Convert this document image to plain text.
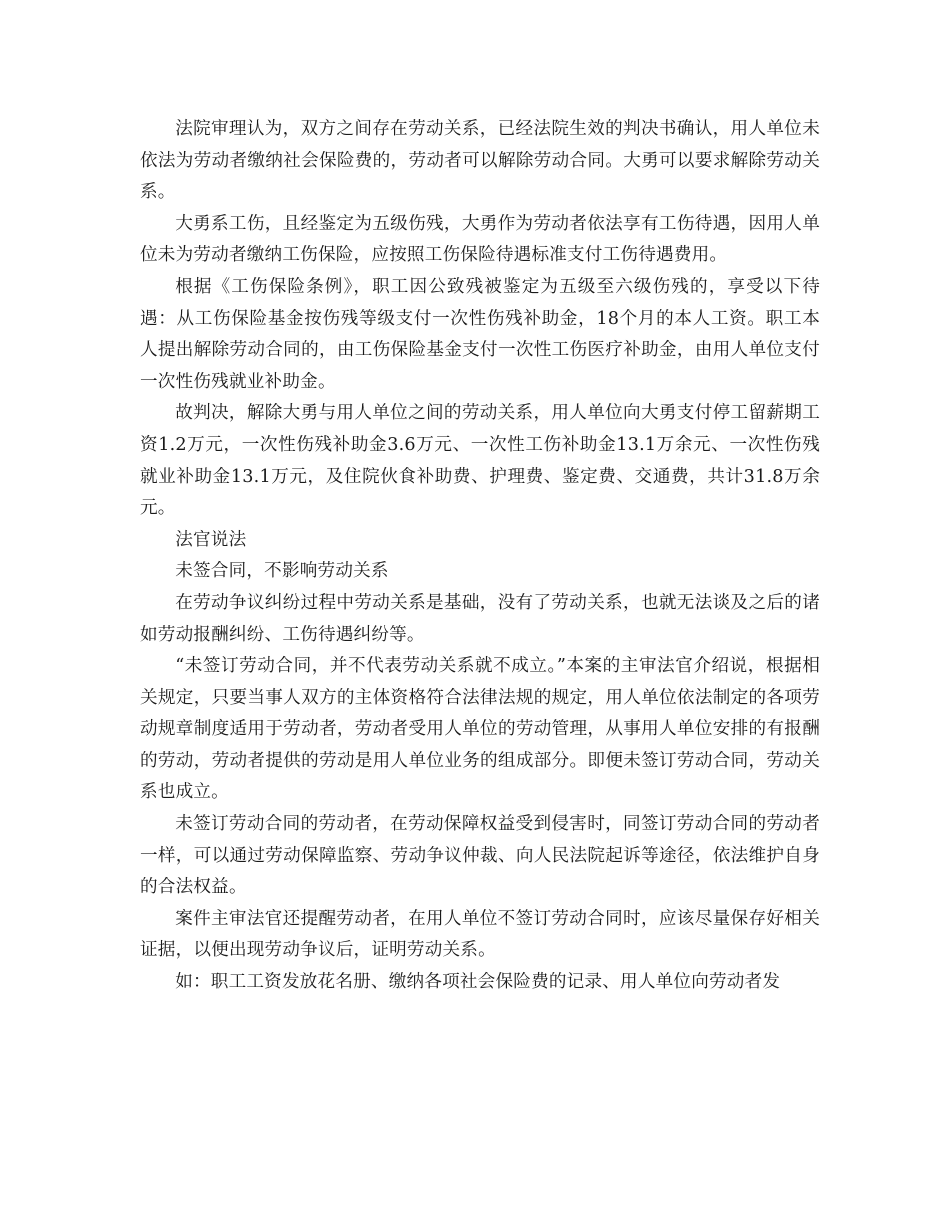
法院审理认为，双方之间存在劳动关系，已经法院生效的判决书确认，用人单位未依法为劳动者缴纳社会保险费的，劳动者可以解除劳动合同。大勇可以要求解除劳动关系。

大勇系工伤，且经鉴定为五级伤残，大勇作为劳动者依法享有工伤待遇，因用人单位未为劳动者缴纳工伤保险，应按照工伤保险待遇标准支付工伤待遇费用。

根据《工伤保险条例》，职工因公致残被鉴定为五级至六级伤残的，享受以下待遇：从工伤保险基金按伤残等级支付一次性伤残补助金，18个月的本人工资。职工本人提出解除劳动合同的，由工伤保险基金支付一次性工伤医疗补助金，由用人单位支付一次性伤残就业补助金。

故判决，解除大勇与用人单位之间的劳动关系，用人单位向大勇支付停工留薪期工资1.2万元，一次性伤残补助金3.6万元、一次性工伤补助金13.1万余元、一次性伤残就业补助金13.1万元，及住院伙食补助费、护理费、鉴定费、交通费，共计31.8万余元。

法官说法

未签合同，不影响劳动关系

在劳动争议纠纷过程中劳动关系是基础，没有了劳动关系，也就无法谈及之后的诸如劳动报酬纠纷、工伤待遇纠纷等。

“未签订劳动合同，并不代表劳动关系就不成立。”本案的主审法官介绍说，根据相关规定，只要当事人双方的主体资格符合法律法规的规定，用人单位依法制定的各项劳动规章制度适用于劳动者，劳动者受用人单位的劳动管理，从事用人单位安排的有报酬的劳动，劳动者提供的劳动是用人单位业务的组成部分。即便未签订劳动合同，劳动关系也成立。

未签订劳动合同的劳动者，在劳动保障权益受到侵害时，同签订劳动合同的劳动者一样，可以通过劳动保障监察、劳动争议仲裁、向人民法院起诉等途径，依法维护自身的合法权益。

案件主审法官还提醒劳动者，在用人单位不签订劳动合同时，应该尽量保存好相关证据，以便出现劳动争议后，证明劳动关系。

如：职工工资发放花名册、缴纳各项社会保险费的记录、用人单位向劳动者发
